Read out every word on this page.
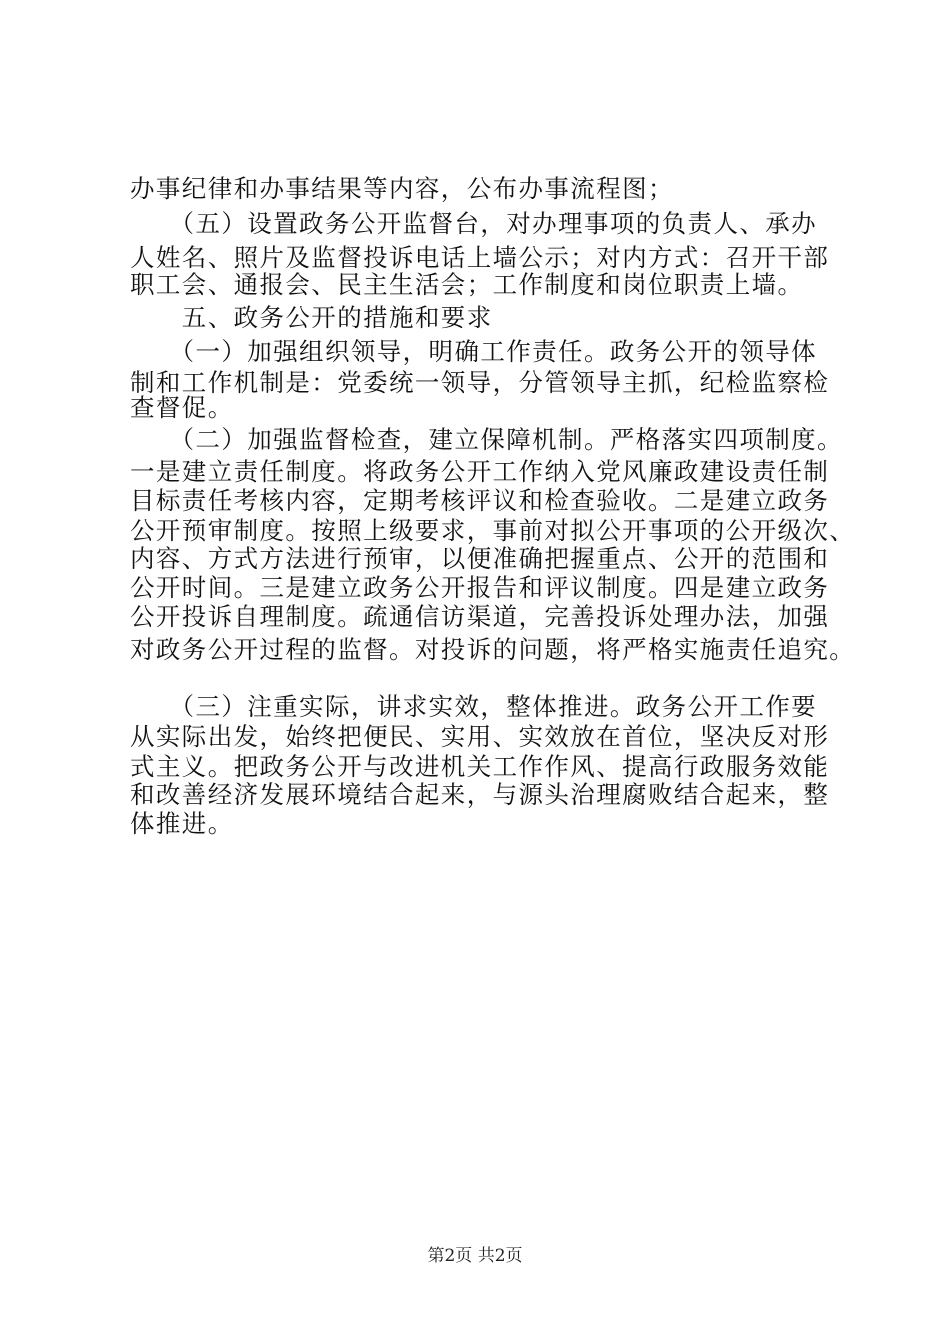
办事纪律和办事结果等内容，公布办事流程图；
　　（五）设置政务公开监督台，对办理事项的负责人、承办
人姓名、照片及监督投诉电话上墙公示；对内方式：召开干部
职工会、通报会、民主生活会；工作制度和岗位职责上墙。
　　五、政务公开的措施和要求
　　（一）加强组织领导，明确工作责任。政务公开的领导体
制和工作机制是：党委统一领导，分管领导主抓，纪检监察检
查督促。
　　（二）加强监督检查，建立保障机制。严格落实四项制度。
一是建立责任制度。将政务公开工作纳入党风廉政建设责任制
目标责任考核内容，定期考核评议和检查验收。二是建立政务
公开预审制度。按照上级要求，事前对拟公开事项的公开级次、
内容、方式方法进行预审，以便准确把握重点、公开的范围和
公开时间。三是建立政务公开报告和评议制度。四是建立政务
公开投诉自理制度。疏通信访渠道，完善投诉处理办法，加强
对政务公开过程的监督。对投诉的问题，将严格实施责任追究。
　　（三）注重实际，讲求实效，整体推进。政务公开工作要
从实际出发，始终把便民、实用、实效放在首位，坚决反对形
式主义。把政务公开与改进机关工作作风、提高行政服务效能
和改善经济发展环境结合起来，与源头治理腐败结合起来，整
体推进。
第2页 共2页
